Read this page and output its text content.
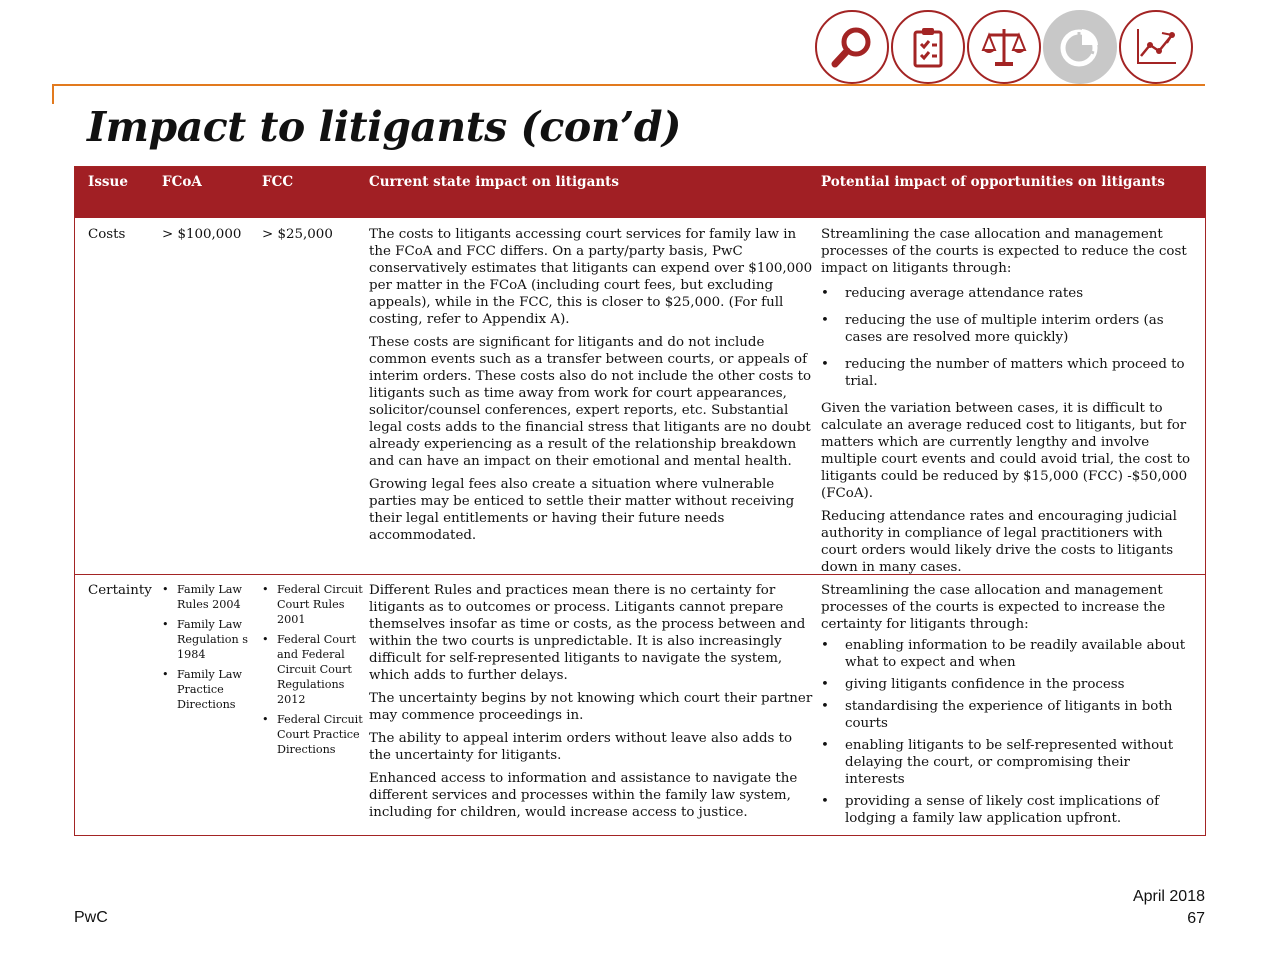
Impact to litigants (con’d)
Issue	FCoA	FCC	Current state impact on litigants	Potential impact of opportunities on litigants
Costs	> $100,000	> $25,000	The costs to litigants accessing court services for family law in the FCoA and FCC differs. On a party/party basis, PwC conservatively estimates that litigants can expend over $100,000 per matter in the FCoA (including court fees, but excluding appeals), while in the FCC, this is closer to $25,000. (For full costing, refer to Appendix A).

These costs are significant for litigants and do not include common events such as a transfer between courts, or appeals of interim orders. These costs also do not include the other costs to litigants such as time away from work for court appearances, solicitor/counsel conferences, expert reports, etc. Substantial legal costs adds to the financial stress that litigants are no doubt already experiencing as a result of the relationship breakdown and can have an impact on their emotional and mental health.

Growing legal fees also create a situation where vulnerable parties may be enticed to settle their matter without receiving their legal entitlements or having their future needs accommodated.

Streamlining the case allocation and management processes of the courts is expected to reduce the cost impact on litigants through:

• reducing average attendance rates
• reducing the use of multiple interim orders (as cases are resolved more quickly)
• reducing the number of matters which proceed to trial.

Given the variation between cases, it is difficult to calculate an average reduced cost to litigants, but for matters which are currently lengthy and involve multiple court events and could avoid trial, the cost to litigants could be reduced by $15,000 (FCC) -$50,000 (FCoA).

Reducing attendance rates and encouraging judicial authority in compliance of legal practitioners with court orders would likely drive the costs to litigants down in many cases.

Certainty
•	Family Law Rules 2004
• Family Law Regulation s 1984
• Family Law Practice Directions
• Federal Circuit Court Rules 2001
• Federal Court and Federal Circuit Court Regulations 2012
• Federal Circuit Court Practice Directions

Different Rules and practices mean there is no certainty for litigants as to outcomes or process. Litigants cannot prepare themselves insofar as time or costs, as the process between and within the two courts is unpredictable. It is also increasingly difficult for self-represented litigants to navigate the system, which adds to further delays.

The uncertainty begins by not knowing which court their partner may commence proceedings in.

The ability to appeal interim orders without leave also adds to the uncertainty for litigants.

Enhanced access to information and assistance to navigate the different services and processes within the family law system, including for children, would increase access to justice.

Streamlining the case allocation and management processes of the courts is expected to increase the certainty for litigants through:

• enabling information to be readily available about what to expect and when
• giving litigants confidence in the process
• standardising the experience of litigants in both courts
• enabling litigants to be self-represented without delaying the court, or compromising their interests
• providing a sense of likely cost implications of lodging a family law application upfront.
PwC
April 2018
67
